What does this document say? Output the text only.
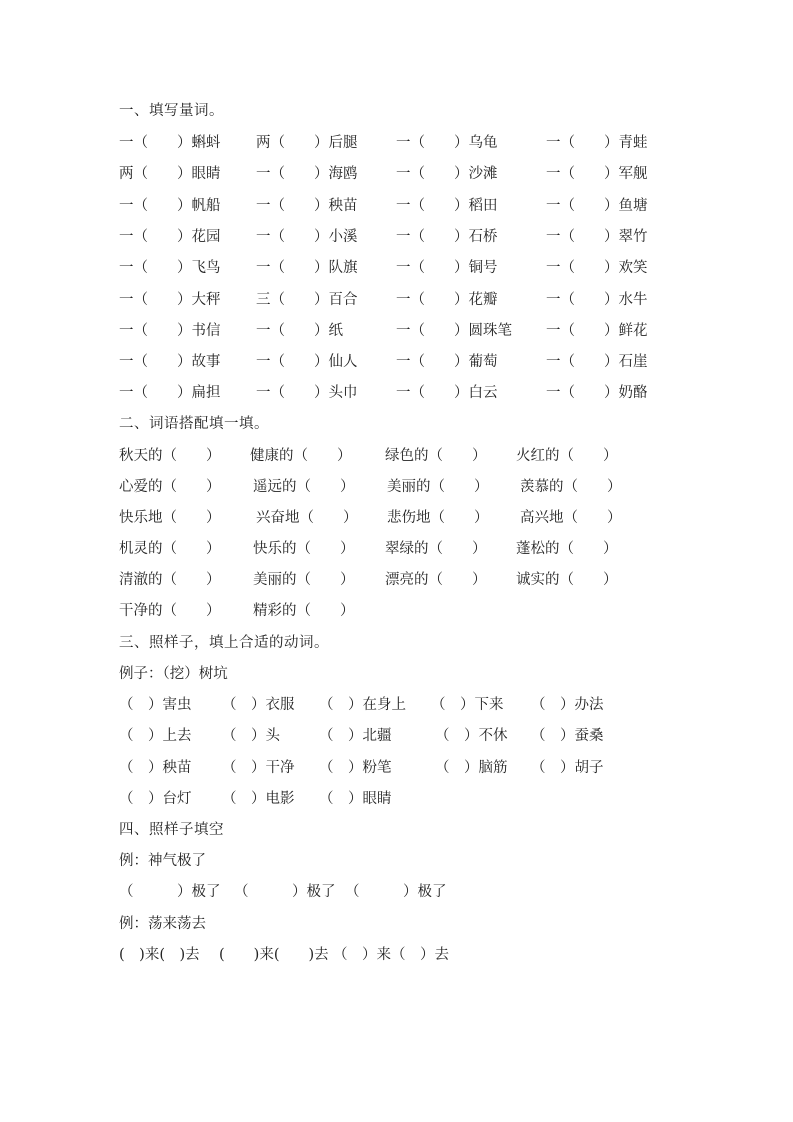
一、填写量词。
一（　　）蝌蚪 两（　　）后腿	一（　　）乌龟	一（　　）青蛙
两（　　）眼睛 一（　　）海鸥	一（　　）沙滩	一（　　）军舰
一（　　）帆船 一（　　）秧苗	一（　　）稻田	一（　　）鱼塘
一（　　）花园 一（　　）小溪	一（　　）石桥	一（　　）翠竹
一（　　）飞鸟 一（　　）队旗	一（　　）铜号	一（　　）欢笑
一（　　）大秤 三（　　）百合	一（　　）花瓣	一（　　）水牛
一（　　）书信 一（　　）纸	一（　　）圆珠笔 一（　　）鲜花
一（　　）故事 一（　　）仙人	一（　　）葡萄	一（　　）石崖
一（　　）扁担 一（　　）头巾	一（　　）白云	一（　　）奶酪
二、词语搭配填一填。
秋天的（　　） 健康的（　　） 绿色的（　　） 火红的（　　）
心爱的（　　） 遥远的（　　） 美丽的（　　） 羡慕的（　　）
快乐地（　　） 兴奋地（　　） 悲伤地（　　） 高兴地（　　）
机灵的（　　） 快乐的（　　） 翠绿的（　　） 蓬松的（　　）
清澈的（　　） 美丽的（　　） 漂亮的（　　） 诚实的（　　）
干净的（　　） 精彩的（　　）
三、照样子，填上合适的动词。
例子：（挖）树坑
（　）害虫 （　）衣服 （　）在身上 （　）下来 （　）办法
（　）上去 （　）头	（　）北疆	（　）不休 （　）蚕桑
（　）秧苗 （　）干净 （　）粉笔	（　）脑筋 （　）胡子
（　）台灯 （　）电影 （　）眼睛
四、照样子填空
例：神气极了
（　　　）极了 （　　　）极了 （　　　）极了
例：荡来荡去
(　)来(　)去 (　　)来(　　)去 （　）来（　）去
